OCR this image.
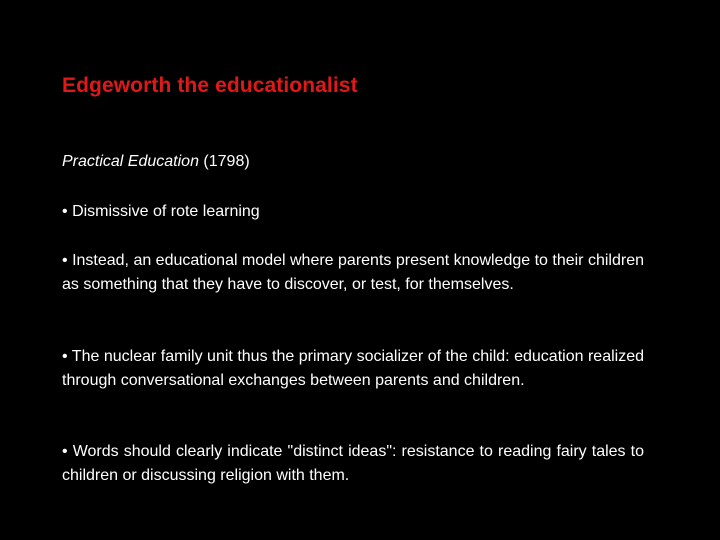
Edgeworth the educationalist
Practical Education (1798)
• Dismissive of rote learning
• Instead, an educational model where parents present knowledge to their children as something that they have to discover, or test, for themselves.
• The nuclear family unit thus the primary socializer of the child: education realized through conversational exchanges between parents and children.
• Words should clearly indicate "distinct ideas": resistance to reading fairy tales to children or discussing religion with them.
